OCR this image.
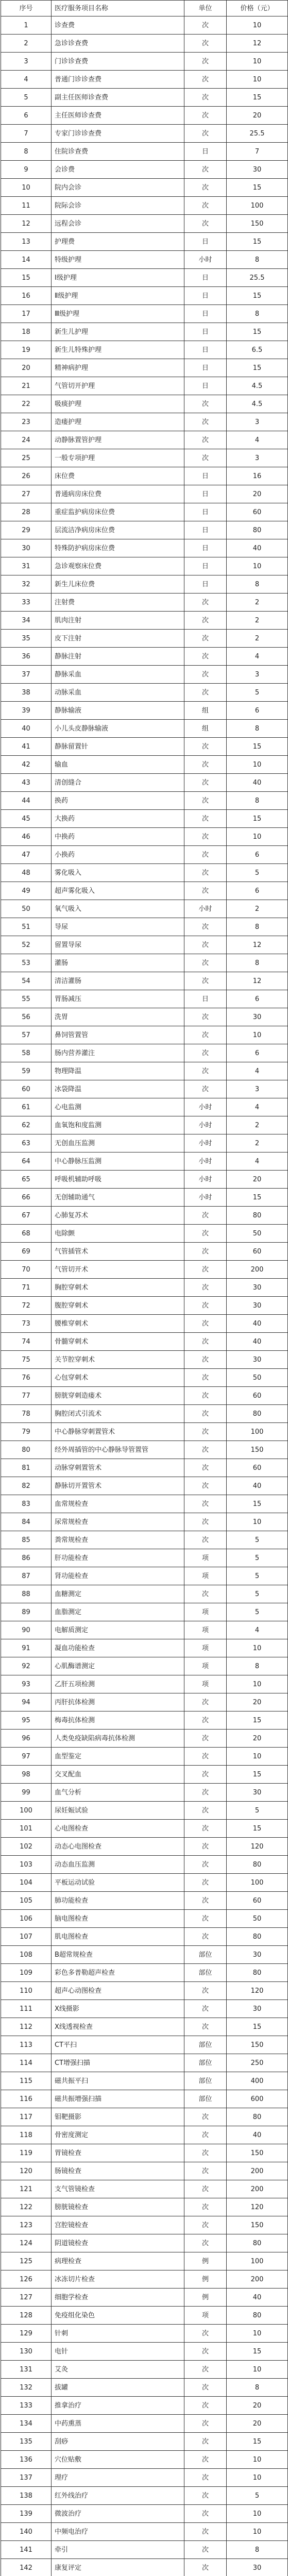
序号	医疗服务项目名称	单位	价格（元）
1	诊查费	次	10
2	急诊诊查费	次	12
3	门诊诊查费	次	10
4	普通门诊诊查费	次	10
5	副主任医师诊查费	次	15
6	主任医师诊查费	次	20
7	专家门诊诊查费	次	25.5
8	住院诊查费	日	7
9	会诊费	次	30
10	院内会诊	次	15
11	院际会诊	次	100
12	远程会诊	次	150
13	护理费	日	15
14	特级护理	小时	8
15	Ⅰ级护理	日	25.5
16	Ⅱ级护理	日	15
17	Ⅲ级护理	日	8
18	新生儿护理	日	15
19	新生儿特殊护理	日	6.5
20	精神病护理	日	15
21	气管切开护理	日	4.5
22	吸痰护理	次	4.5
23	造瘘护理	次	3
24	动静脉置管护理	次	4
25	一般专项护理	次	3
26	床位费	日	16
27	普通病房床位费	日	20
28	重症监护病房床位费	日	60
29	层流洁净病房床位费	日	80
30	特殊防护病房床位费	日	40
31	急诊观察床位费	日	10
32	新生儿床位费	日	8
33	注射费	次	2
34	肌肉注射	次	2
35	皮下注射	次	2
36	静脉注射	次	4
37	静脉采血	次	3
38	动脉采血	次	5
39	静脉输液	组	6
40	小儿头皮静脉输液	组	8
41	静脉留置针	次	15
42	输血	次	10
43	清创缝合	次	40
44	换药	次	8
45	大换药	次	15
46	中换药	次	10
47	小换药	次	6
48	雾化吸入	次	5
49	超声雾化吸入	次	6
50	氧气吸入	小时	2
51	导尿	次	8
52	留置导尿	次	12
53	灌肠	次	8
54	清洁灌肠	次	12
55	胃肠减压	日	6
56	洗胃	次	30
57	鼻饲管置管	次	10
58	肠内营养灌注	次	6
59	物理降温	次	4
60	冰袋降温	次	3
61	心电监测	小时	4
62	血氧饱和度监测	小时	2
63	无创血压监测	小时	2
64	中心静脉压监测	小时	4
65	呼吸机辅助呼吸	小时	20
66	无创辅助通气	小时	15
67	心肺复苏术	次	80
68	电除颤	次	50
69	气管插管术	次	60
70	气管切开术	次	200
71	胸腔穿刺术	次	30
72	腹腔穿刺术	次	30
73	腰椎穿刺术	次	40
74	骨髓穿刺术	次	40
75	关节腔穿刺术	次	30
76	心包穿刺术	次	50
77	膀胱穿刺造瘘术	次	60
78	胸腔闭式引流术	次	80
79	中心静脉穿刺置管术	次	100
80	经外周插管的中心静脉导管置管	次	150
81	动脉穿刺置管术	次	60
82	静脉切开置管术	次	40
83	血常规检查	次	15
84	尿常规检查	次	10
85	粪常规检查	次	5
86	肝功能检查	项	5
87	肾功能检查	项	5
88	血糖测定	次	5
89	血脂测定	项	5
90	电解质测定	项	4
91	凝血功能检查	项	10
92	心肌酶谱测定	项	8
93	乙肝五项检测	项	10
94	丙肝抗体检测	次	20
95	梅毒抗体检测	次	15
96	人类免疫缺陷病毒抗体检测	次	20
97	血型鉴定	次	10
98	交叉配血	次	15
99	血气分析	次	30
100	尿妊娠试验	次	5
101	心电图检查	次	15
102	动态心电图检查	次	120
103	动态血压监测	次	80
104	平板运动试验	次	100
105	肺功能检查	次	60
106	脑电图检查	次	50
107	肌电图检查	次	80
108	B超常规检查	部位	30
109	彩色多普勒超声检查	部位	80
110	超声心动图检查	次	120
111	X线摄影	次	30
112	X线透视检查	次	15
113	CT平扫	部位	150
114	CT增强扫描	部位	250
115	磁共振平扫	部位	400
116	磁共振增强扫描	部位	600
117	钼靶摄影	次	80
118	骨密度测定	次	40
119	胃镜检查	次	150
120	肠镜检查	次	200
121	支气管镜检查	次	200
122	膀胱镜检查	次	120
123	宫腔镜检查	次	150
124	阴道镜检查	次	80
125	病理检查	例	100
126	冰冻切片检查	例	200
127	细胞学检查	例	40
128	免疫组化染色	项	80
129	针刺	次	10
130	电针	次	15
131	艾灸	次	10
132	拔罐	次	8
133	推拿治疗	次	20
134	中药熏蒸	次	20
135	刮痧	次	15
136	穴位贴敷	次	10
137	理疗	次	10
138	红外线治疗	次	5
139	微波治疗	次	10
140	中频电治疗	次	10
141	牵引	次	8
142	康复评定	次	30
